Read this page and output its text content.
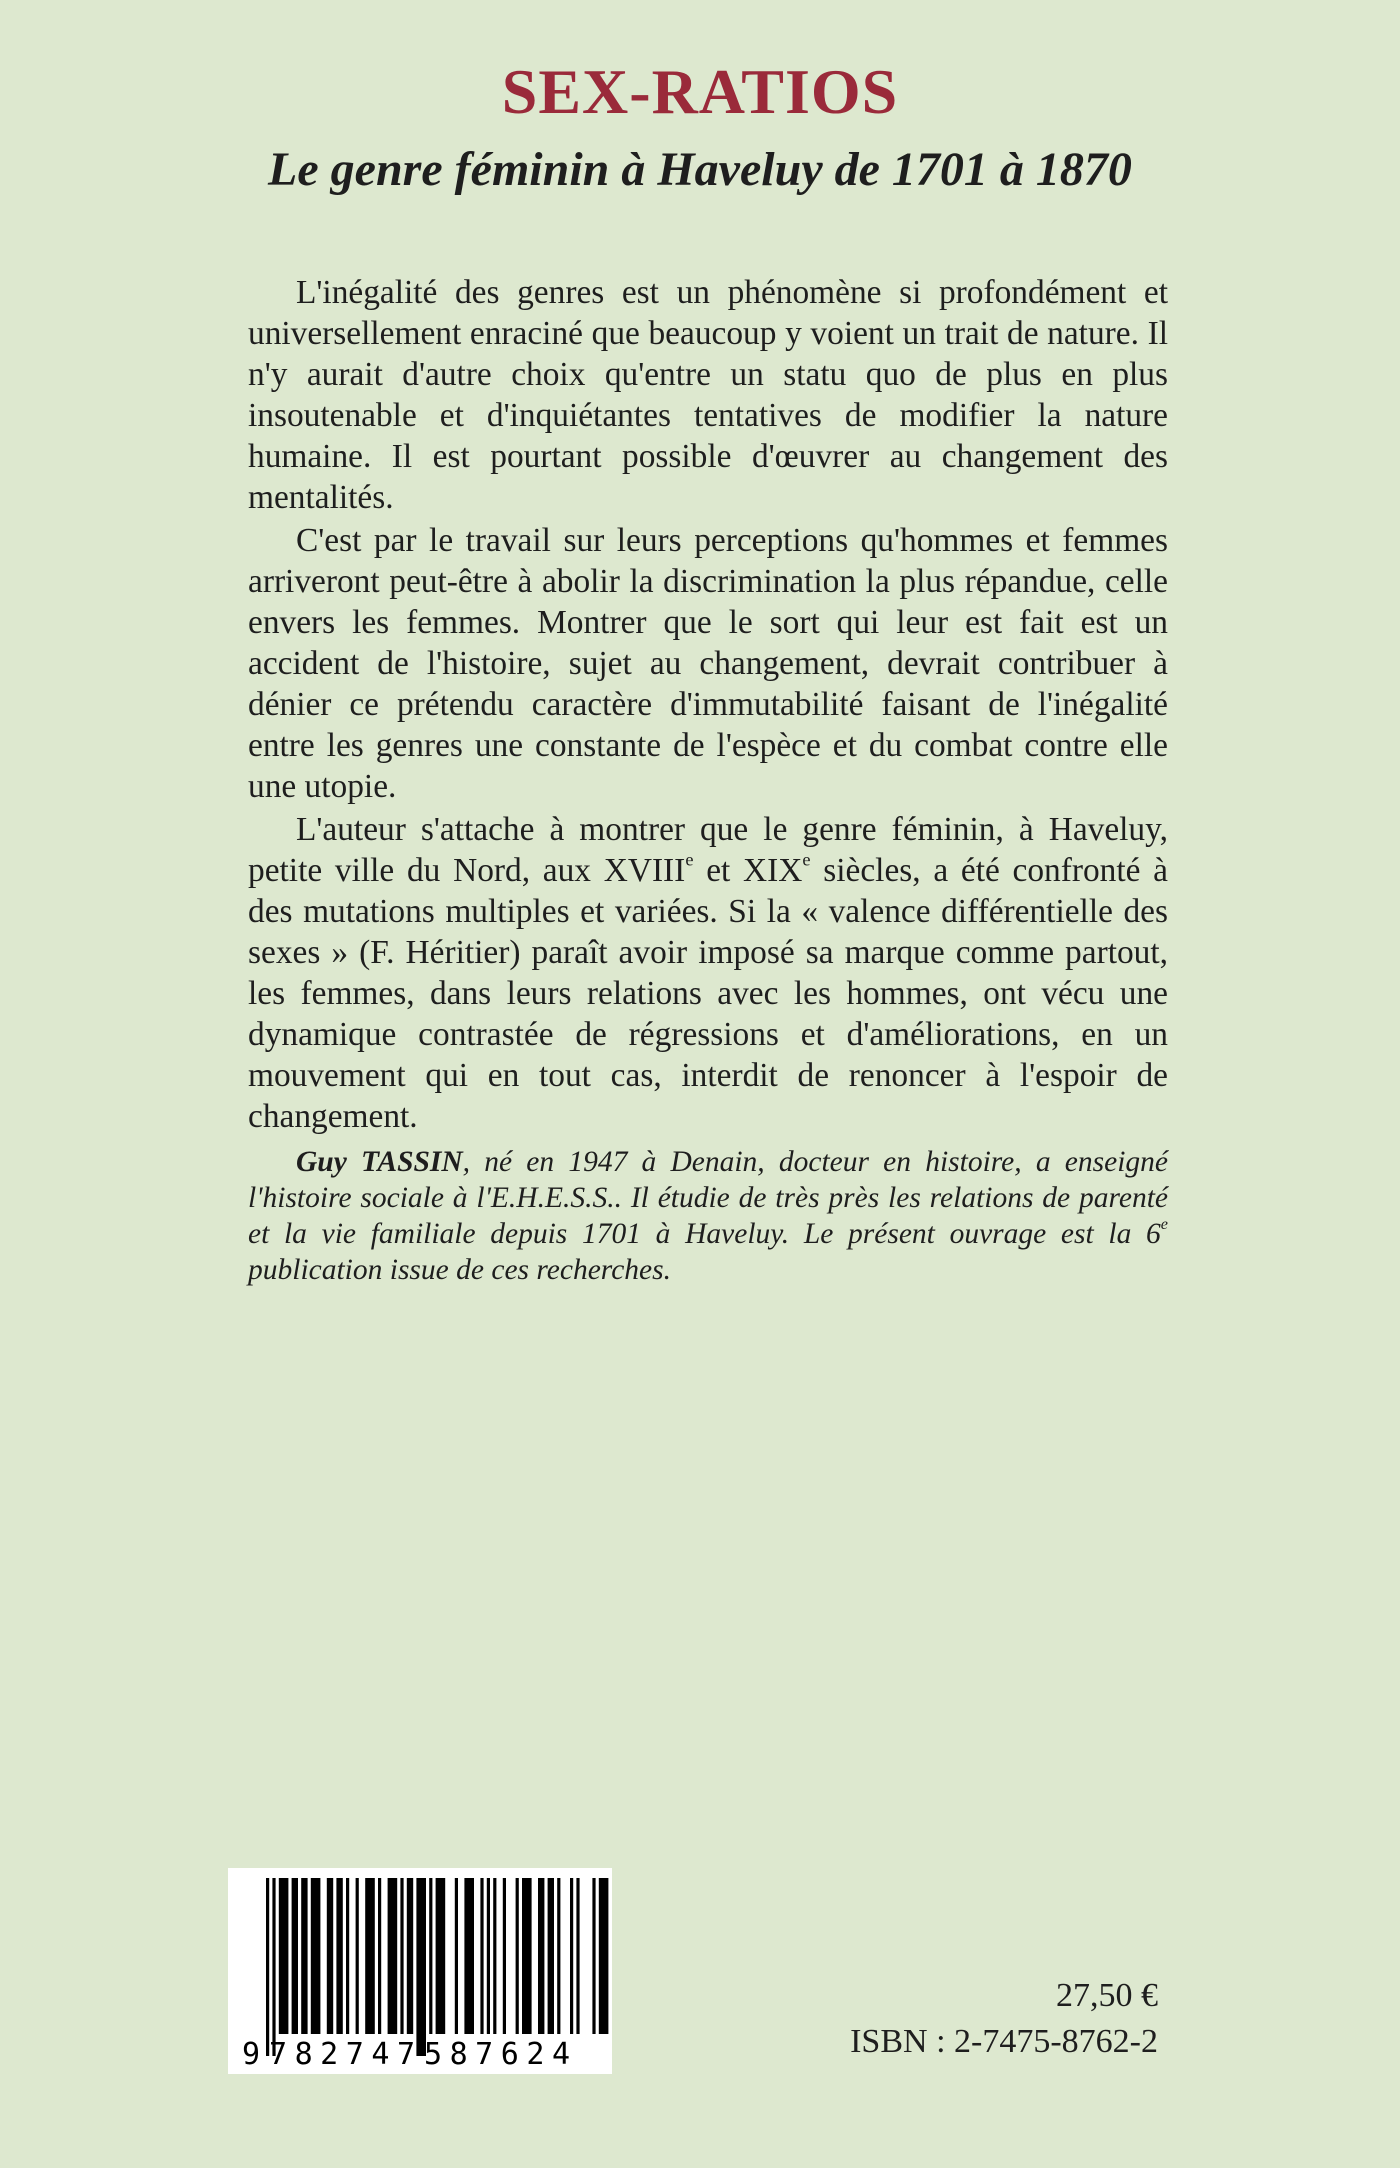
SEX-RATIOS
Le genre féminin à Haveluy de 1701 à 1870

L'inégalité des genres est un phénomène si profondément et universellement enraciné que beaucoup y voient un trait de nature. Il n'y aurait d'autre choix qu'entre un statu quo de plus en plus insoutenable et d'inquiétantes tentatives de modifier la nature humaine. Il est pourtant possible d'œuvrer au changement des mentalités.

C'est par le travail sur leurs perceptions qu'hommes et femmes arriveront peut-être à abolir la discrimination la plus répandue, celle envers les femmes. Montrer que le sort qui leur est fait est un accident de l'histoire, sujet au changement, devrait contribuer à dénier ce prétendu caractère d'immutabilité faisant de l'inégalité entre les genres une constante de l'espèce et du combat contre elle une utopie.

L'auteur s'attache à montrer que le genre féminin, à Haveluy, petite ville du Nord, aux XVIIIe et XIXe siècles, a été confronté à des mutations multiples et variées. Si la « valence différentielle des sexes » (F. Héritier) paraît avoir imposé sa marque comme partout, les femmes, dans leurs relations avec les hommes, ont vécu une dynamique contrastée de régressions et d'améliorations, en un mouvement qui en tout cas, interdit de renoncer à l'espoir de changement.

Guy TASSIN, né en 1947 à Denain, docteur en histoire, a enseigné l'histoire sociale à l'E.H.E.S.S.. Il étudie de très près les relations de parenté et la vie familiale depuis 1701 à Haveluy. Le présent ouvrage est la 6e publication issue de ces recherches.

9 782747 587624
27,50 €
ISBN : 2-7475-8762-2
